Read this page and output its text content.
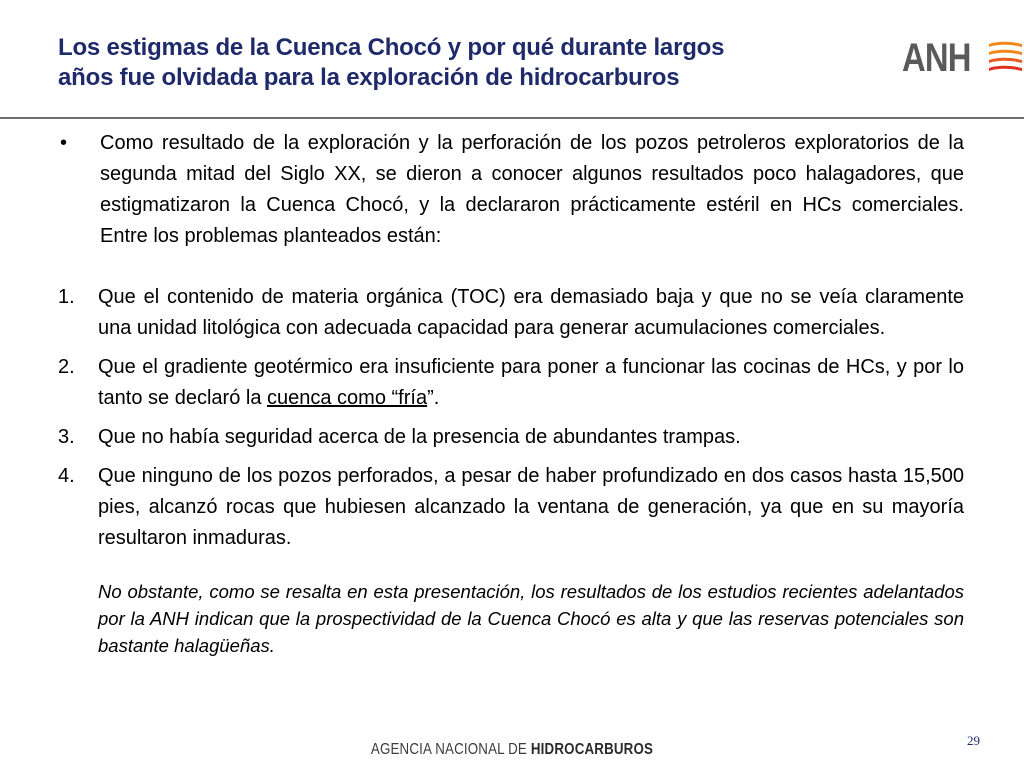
Los estigmas de la Cuenca Chocó y por qué durante largos
años fue olvidada para la exploración de hidrocarburos	ANH
•	Como resultado de la exploración y la perforación de los pozos petroleros exploratorios de la segunda mitad del Siglo XX, se dieron a conocer algunos resultados poco halagadores, que estigmatizaron la Cuenca Chocó, y la declararon prácticamente estéril en HCs comerciales. Entre los problemas planteados están:
1.	Que el contenido de materia orgánica (TOC) era demasiado baja y que no se veía claramente una unidad litológica con adecuada capacidad para generar acumulaciones comerciales.
2.	Que el gradiente geotérmico era insuficiente para poner a funcionar las cocinas de HCs, y por lo tanto se declaró la cuenca como “fría”.
3.	Que no había seguridad acerca de la presencia de abundantes trampas.
4.	Que ninguno de los pozos perforados, a pesar de haber profundizado en dos casos hasta 15,500 pies, alcanzó rocas que hubiesen alcanzado la ventana de generación, ya que en su mayoría resultaron inmaduras.
No obstante, como se resalta en esta presentación, los resultados de los estudios recientes adelantados por la ANH indican que la prospectividad de la Cuenca Chocó es alta y que las reservas potenciales son bastante halagüeñas.
29
AGENCIA NACIONAL DE HIDROCARBUROS
